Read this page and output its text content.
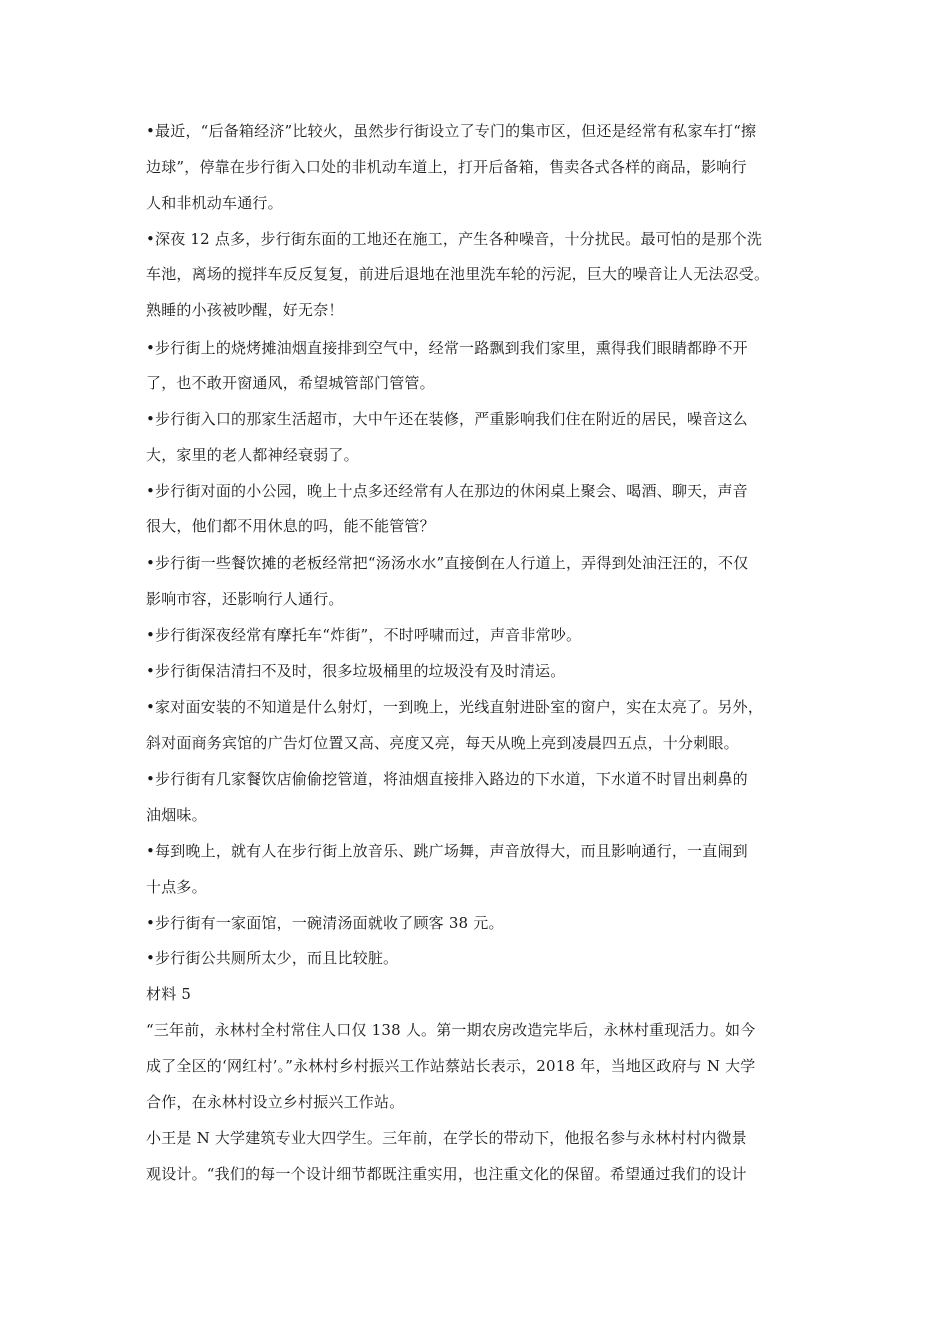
•最近，“后备箱经济”比较火，虽然步行街设立了专门的集市区，但还是经常有私家车打“擦
边球”，停靠在步行街入口处的非机动车道上，打开后备箱，售卖各式各样的商品，影响行
人和非机动车通行。
•深夜 12 点多，步行街东面的工地还在施工，产生各种噪音，十分扰民。最可怕的是那个洗
车池，离场的搅拌车反反复复，前进后退地在池里洗车轮的污泥，巨大的噪音让人无法忍受。
熟睡的小孩被吵醒，好无奈！
•步行街上的烧烤摊油烟直接排到空气中，经常一路飘到我们家里，熏得我们眼睛都睁不开
了，也不敢开窗通风，希望城管部门管管。
•步行街入口的那家生活超市，大中午还在装修，严重影响我们住在附近的居民，噪音这么
大，家里的老人都神经衰弱了。
•步行街对面的小公园，晚上十点多还经常有人在那边的休闲桌上聚会、喝酒、聊天，声音
很大，他们都不用休息的吗，能不能管管？
•步行街一些餐饮摊的老板经常把“汤汤水水”直接倒在人行道上，弄得到处油汪汪的，不仅
影响市容，还影响行人通行。
•步行街深夜经常有摩托车“炸街”，不时呼啸而过，声音非常吵。
•步行街保洁清扫不及时，很多垃圾桶里的垃圾没有及时清运。
•家对面安装的不知道是什么射灯，一到晚上，光线直射进卧室的窗户，实在太亮了。另外，
斜对面商务宾馆的广告灯位置又高、亮度又亮，每天从晚上亮到凌晨四五点，十分刺眼。
•步行街有几家餐饮店偷偷挖管道，将油烟直接排入路边的下水道，下水道不时冒出刺鼻的
油烟味。
•每到晚上，就有人在步行街上放音乐、跳广场舞，声音放得大，而且影响通行，一直闹到
十点多。
•步行街有一家面馆，一碗清汤面就收了顾客 38 元。
•步行街公共厕所太少，而且比较脏。
材料 5
“三年前，永林村全村常住人口仅 138 人。第一期农房改造完毕后，永林村重现活力。如今
成了全区的‘网红村’。”永林村乡村振兴工作站蔡站长表示，2018 年，当地区政府与 N 大学
合作，在永林村设立乡村振兴工作站。
小王是 N 大学建筑专业大四学生。三年前，在学长的带动下，他报名参与永林村村内微景
观设计。“我们的每一个设计细节都既注重实用，也注重文化的保留。希望通过我们的设计
